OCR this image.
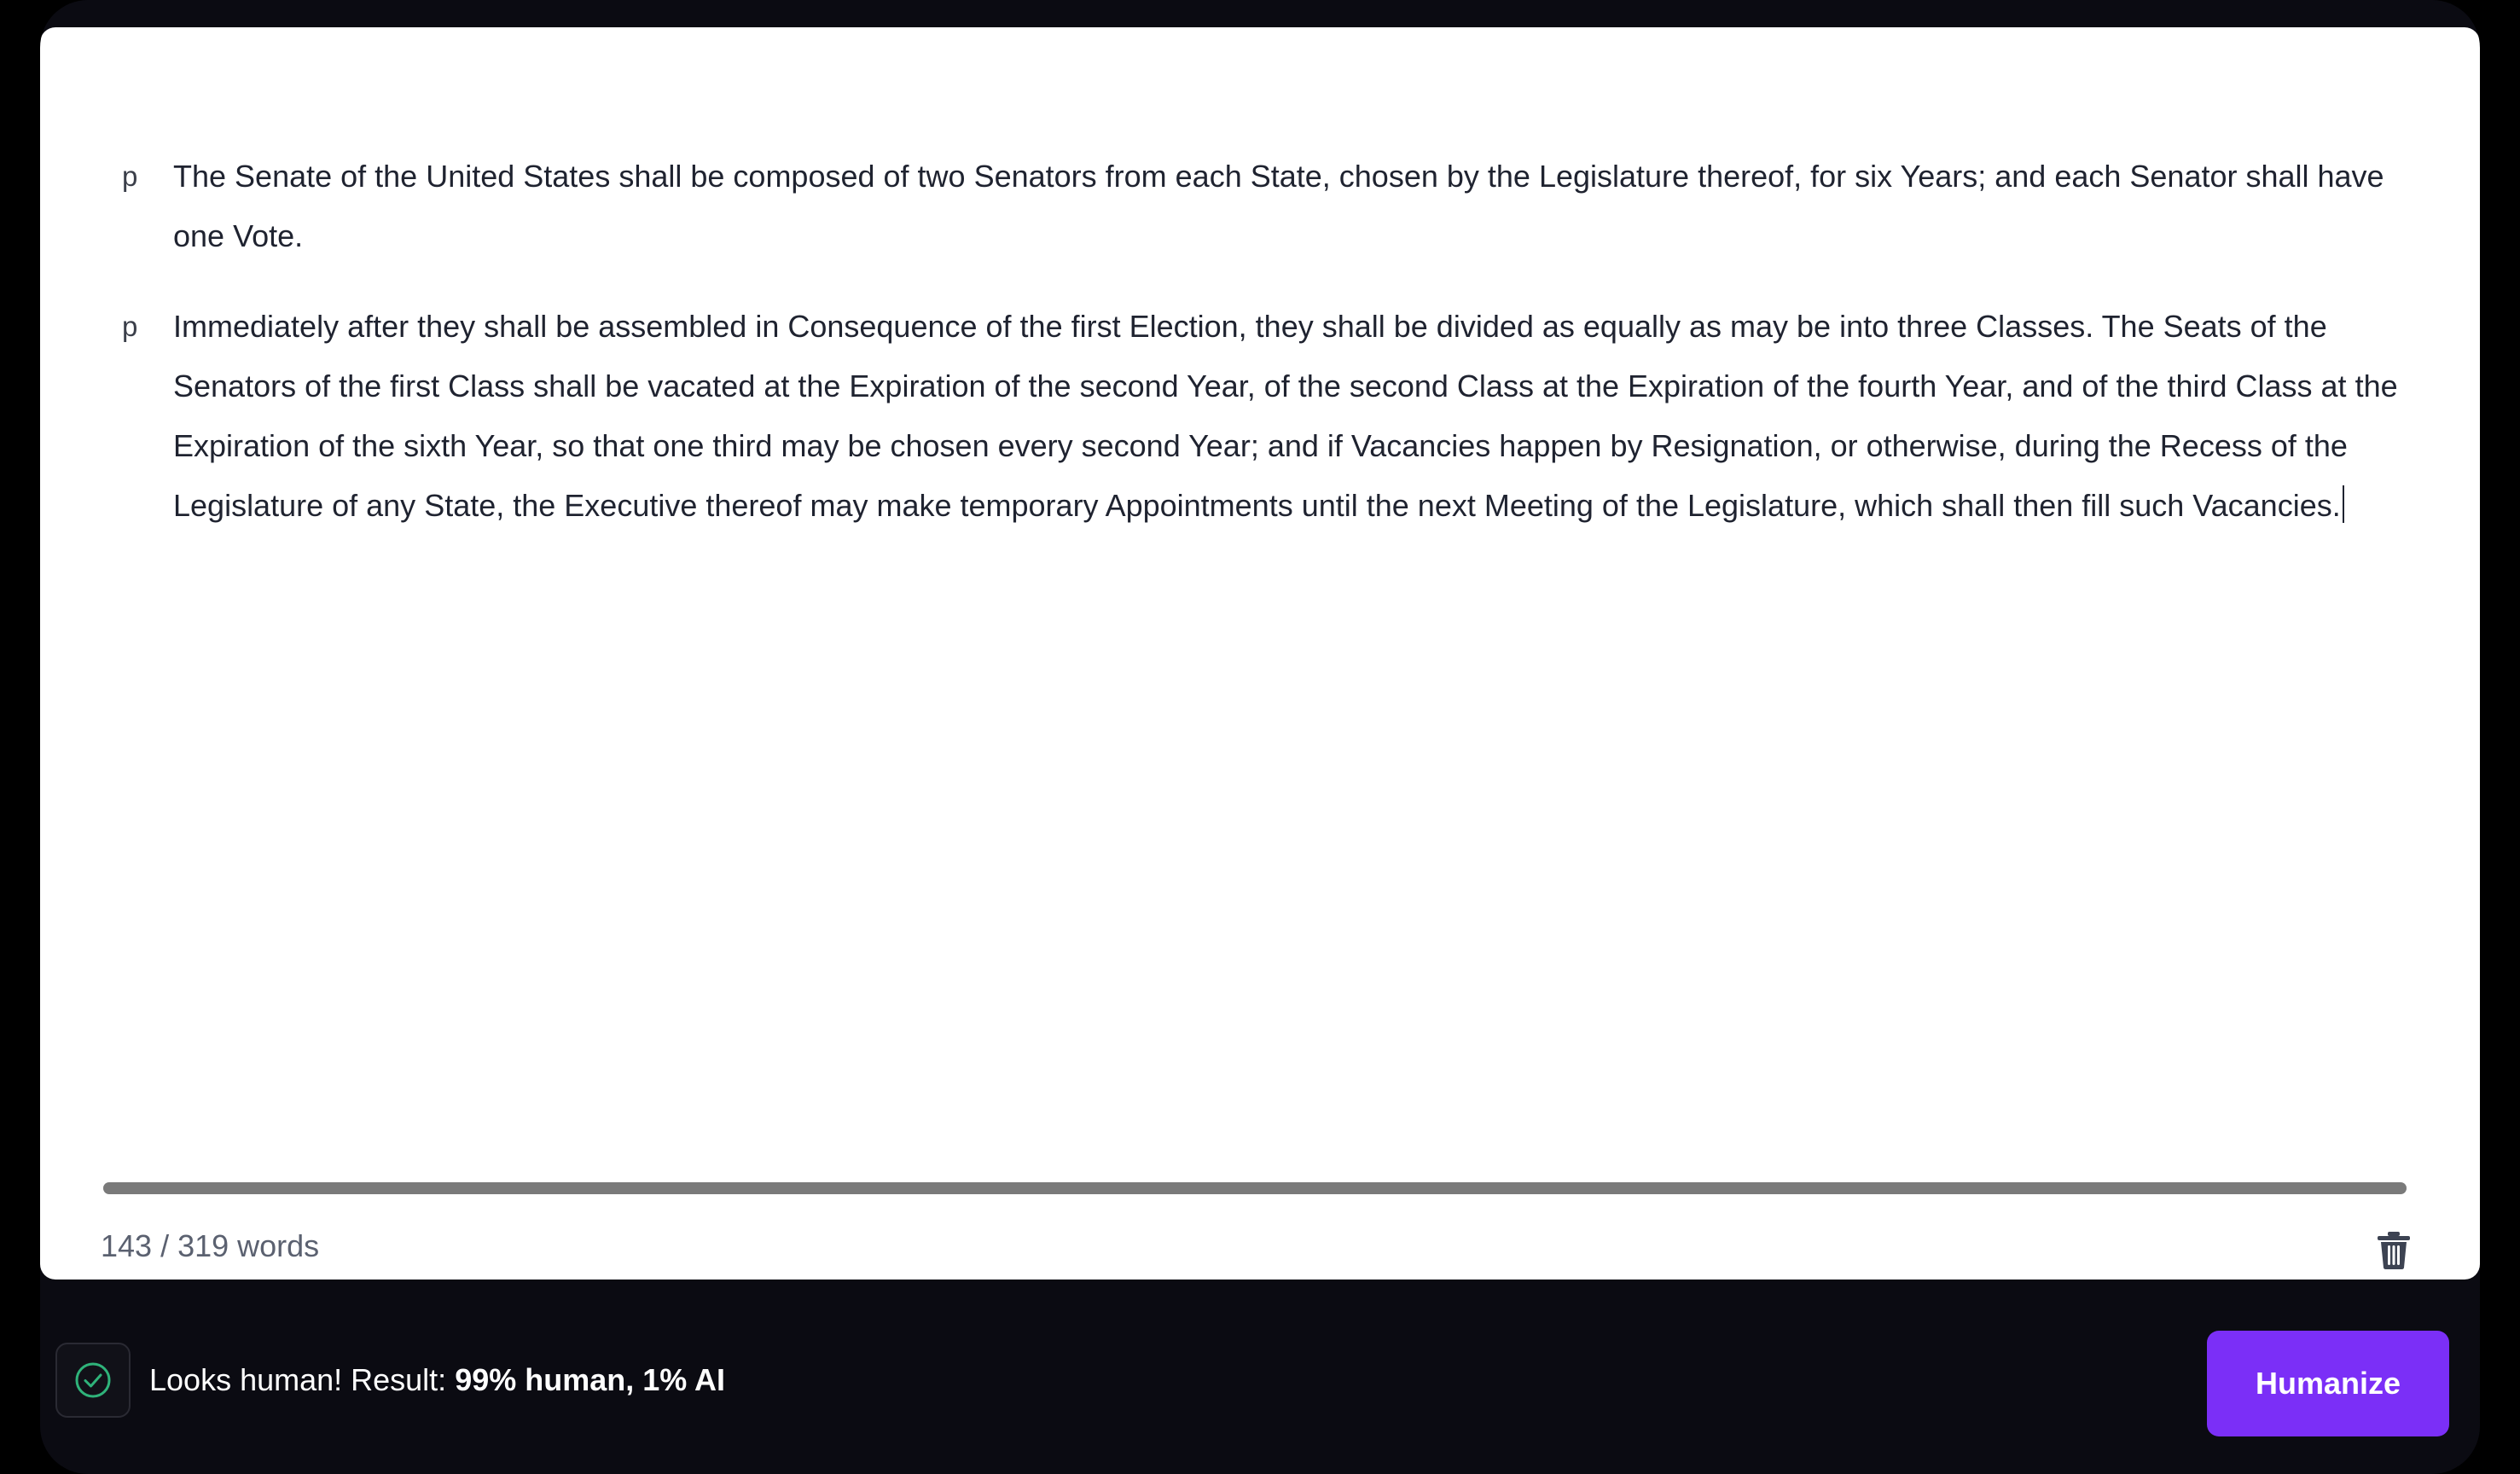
p	The Senate of the United States shall be composed of two Senators from each State, chosen by the Legislature thereof, for six Years; and each Senator shall have one Vote.
p	Immediately after they shall be assembled in Consequence of the first Election, they shall be divided as equally as may be into three Classes. The Seats of the Senators of the first Class shall be vacated at the Expiration of the second Year, of the second Class at the Expiration of the fourth Year, and of the third Class at the Expiration of the sixth Year, so that one third may be chosen every second Year; and if Vacancies happen by Resignation, or otherwise, during the Recess of the Legislature of any State, the Executive thereof may make temporary Appointments until the next Meeting of the Legislature, which shall then fill such Vacancies.
143 / 319 words
Looks human! Result: 99% human, 1% AI	Humanize
